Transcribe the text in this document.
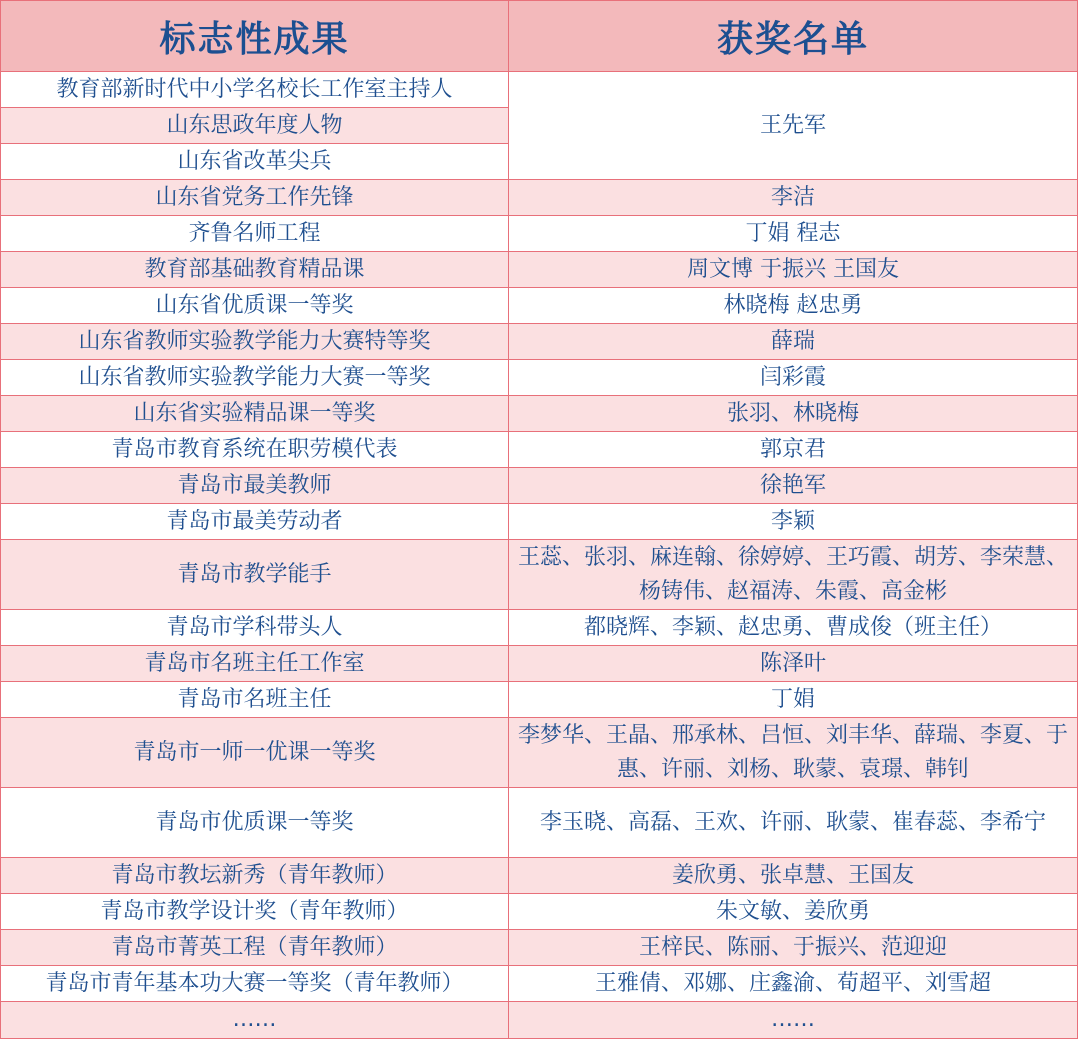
标志性成果	获奖名单
教育部新时代中小学名校长工作室主持人
山东思政年度人物
山东省改革尖兵
山东省党务工作先锋
齐鲁名师工程
教育部基础教育精品课
山东省优质课一等奖
山东省教师实验教学能力大赛特等奖
山东省教师实验教学能力大赛一等奖
山东省实验精品课一等奖
青岛市教育系统在职劳模代表
青岛市最美教师
青岛市最美劳动者
青岛市教学能手
青岛市学科带头人
青岛市名班主任工作室
青岛市名班主任
青岛市一师一优课一等奖
青岛市优质课一等奖
青岛市教坛新秀（青年教师）
青岛市教学设计奖（青年教师）
青岛市菁英工程（青年教师）
青岛市青年基本功大赛一等奖（青年教师）
……
王先军
李洁
丁娟 程志
周文博 于振兴 王国友
林晓梅 赵忠勇
薛瑞
闫彩霞
张羽、林晓梅
郭京君
徐艳军
李颖
王蕊、张羽、麻连翰、徐婷婷、王巧霞、胡芳、李荣慧、杨铸伟、赵福涛、朱霞、高金彬
都晓辉、李颖、赵忠勇、曹成俊（班主任）
陈泽叶
丁娟
李梦华、王晶、邢承林、吕恒、刘丰华、薛瑞、李夏、于惠、许丽、刘杨、耿蒙、袁璟、韩钊
李玉晓、高磊、王欢、许丽、耿蒙、崔春蕊、李希宁
姜欣勇、张卓慧、王国友
朱文敏、姜欣勇
王梓民、陈丽、于振兴、范迎迎
王雅倩、邓娜、庄鑫渝、荀超平、刘雪超
……
